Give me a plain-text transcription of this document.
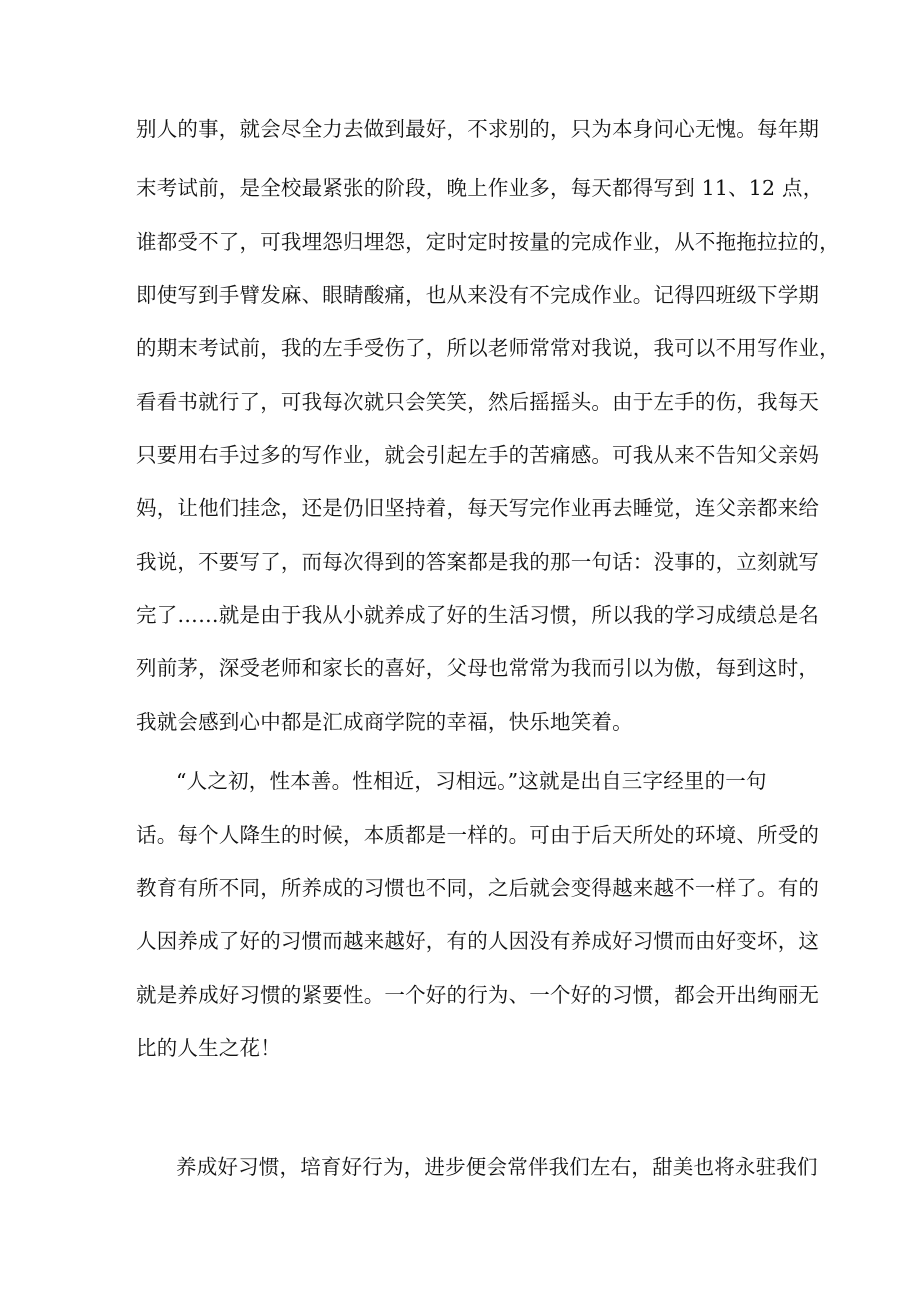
别人的事，就会尽全力去做到最好，不求别的，只为本身问心无愧。每年期
末考试前，是全校最紧张的阶段，晚上作业多，每天都得写到 11、12 点，
谁都受不了，可我埋怨归埋怨，定时定时按量的完成作业，从不拖拖拉拉的，
即使写到手臂发麻、眼睛酸痛，也从来没有不完成作业。记得四班级下学期
的期末考试前，我的左手受伤了，所以老师常常对我说，我可以不用写作业，
看看书就行了，可我每次就只会笑笑，然后摇摇头。由于左手的伤，我每天
只要用右手过多的写作业，就会引起左手的苦痛感。可我从来不告知父亲妈
妈，让他们挂念，还是仍旧坚持着，每天写完作业再去睡觉，连父亲都来给
我说，不要写了，而每次得到的答案都是我的那一句话：没事的，立刻就写
完了……就是由于我从小就养成了好的生活习惯，所以我的学习成绩总是名
列前茅，深受老师和家长的喜好，父母也常常为我而引以为傲，每到这时，
我就会感到心中都是汇成商学院的幸福，快乐地笑着。
“人之初，性本善。性相近，习相远。”这就是出自三字经里的一句
话。每个人降生的时候，本质都是一样的。可由于后天所处的环境、所受的
教育有所不同，所养成的习惯也不同，之后就会变得越来越不一样了。有的
人因养成了好的习惯而越来越好，有的人因没有养成好习惯而由好变坏，这
就是养成好习惯的紧要性。一个好的行为、一个好的习惯，都会开出绚丽无
比的人生之花！
养成好习惯，培育好行为，进步便会常伴我们左右，甜美也将永驻我们
